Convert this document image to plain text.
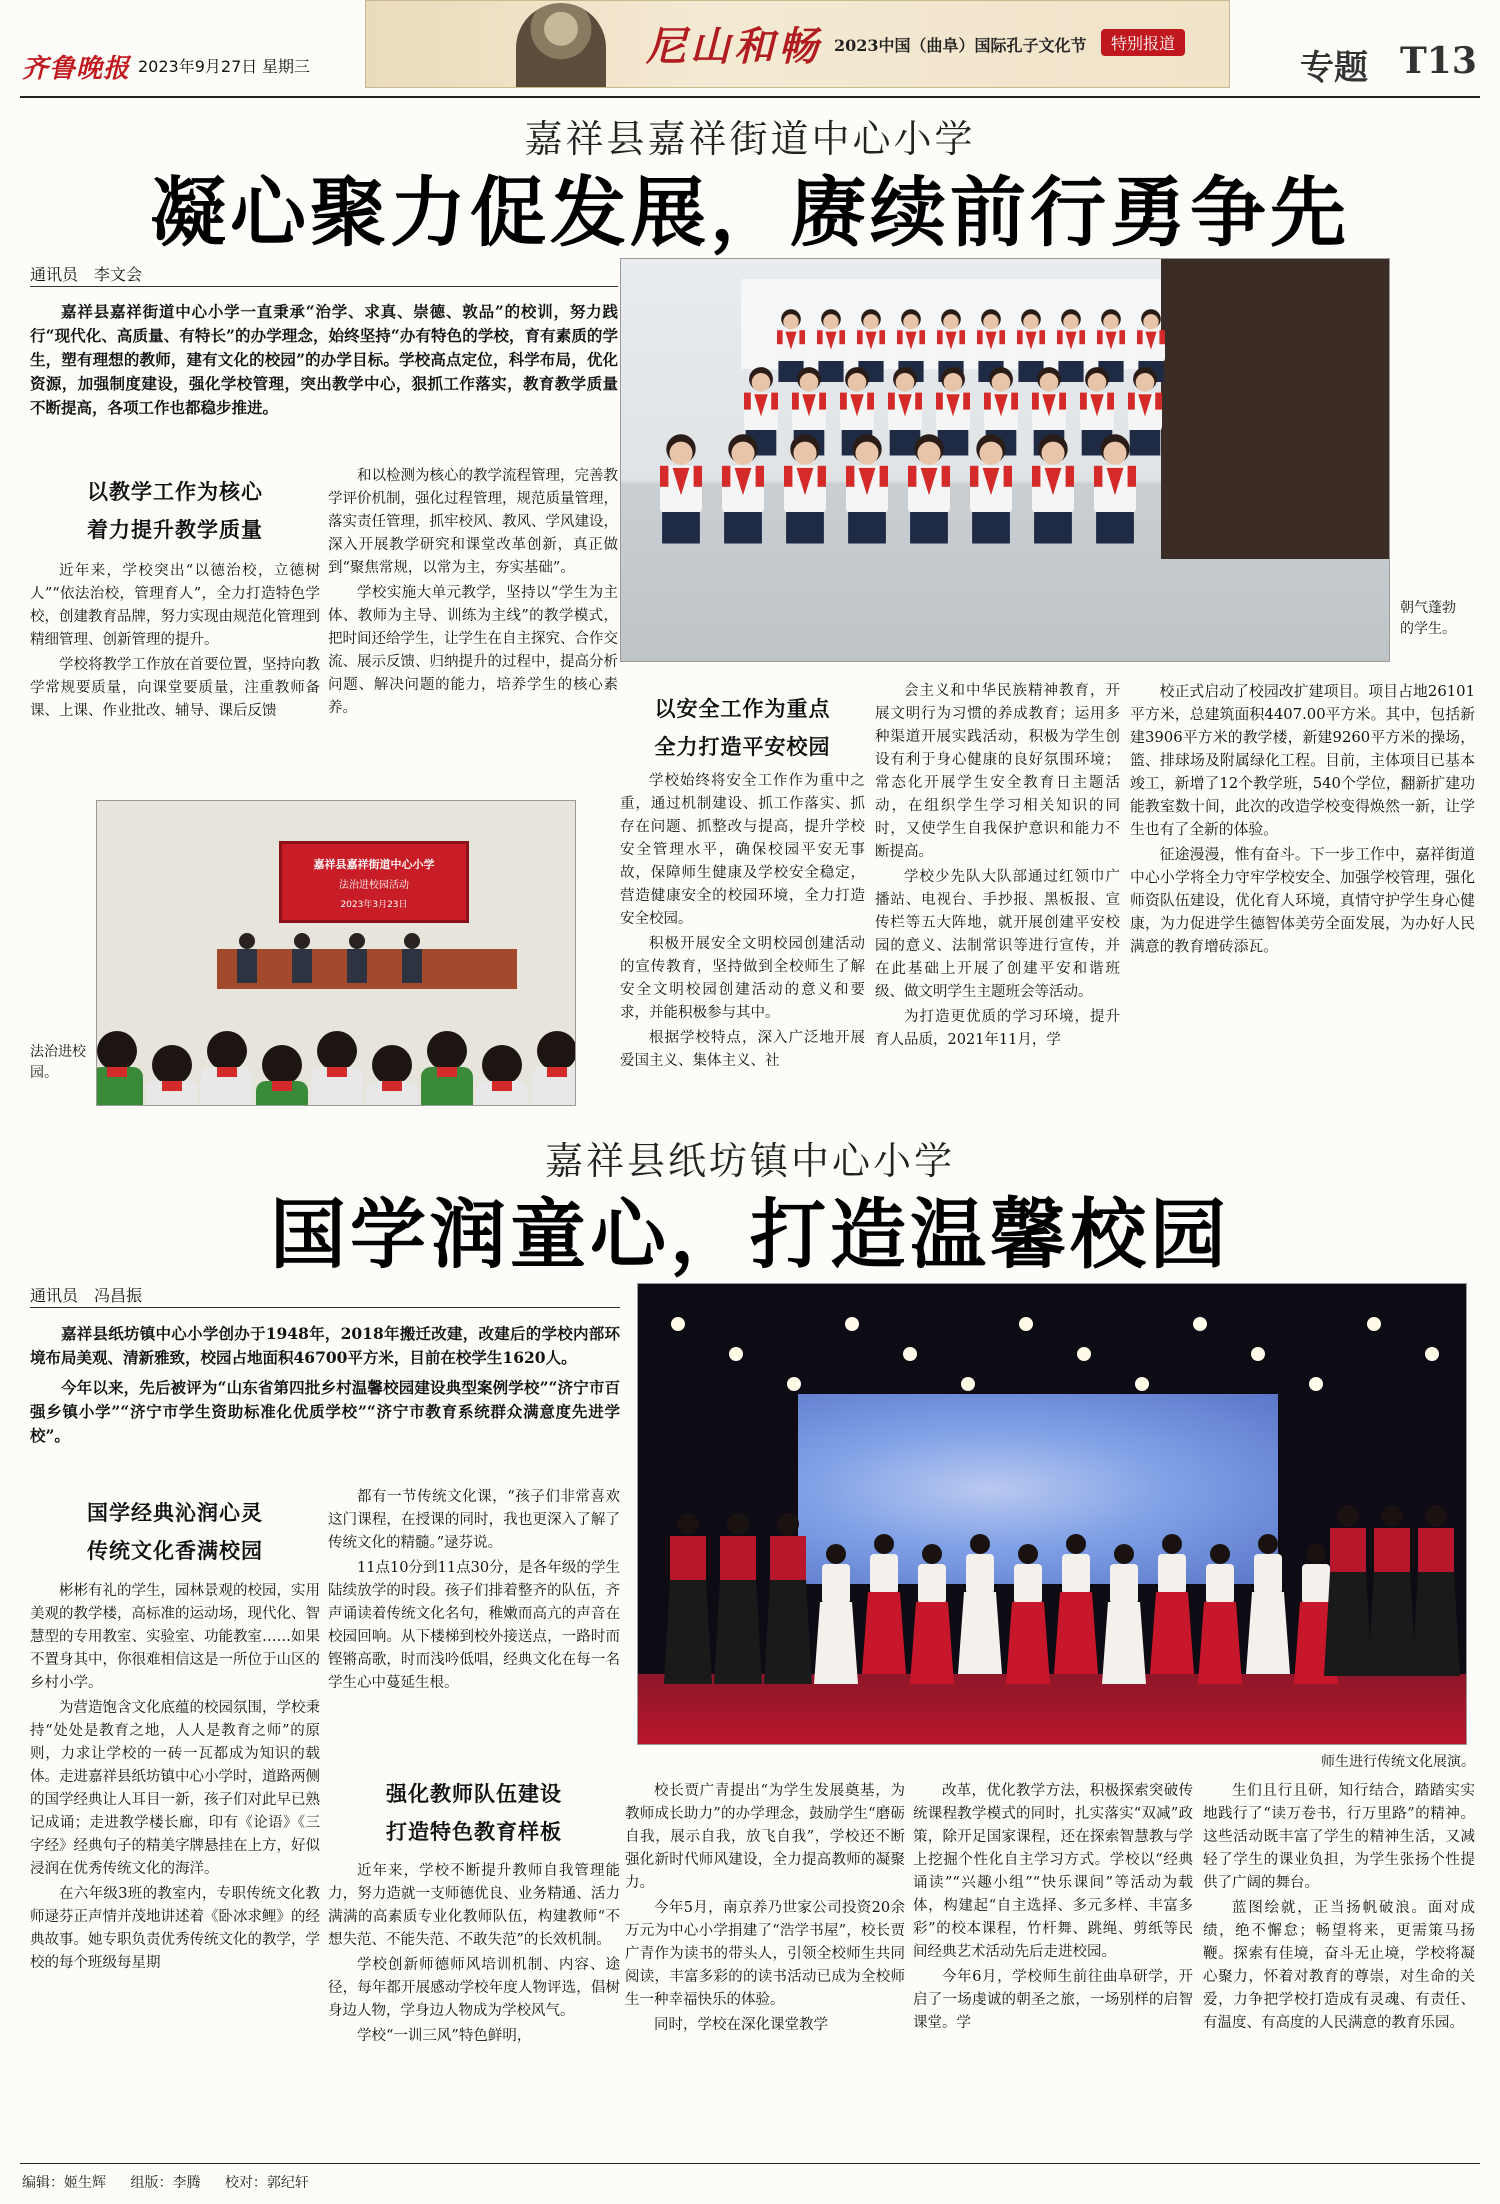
齐鲁晚报 2023年9月27日 星期三	尼山和畅 2023中国（曲阜）国际孔子文化节	特别报道
专题 T13
嘉祥县嘉祥街道中心小学
凝心聚力促发展，赓续前行勇争先
通讯员　李文会
嘉祥县嘉祥街道中心小学一直秉承“治学、求真、崇德、敦品”的校训，努力践行“现代化、高质量、有特长”的办学理念，始终坚持“办有特色的学校，育有素质的学生，塑有理想的教师，建有文化的校园”的办学目标。学校高点定位，科学布局，优化资源，加强制度建设，强化学校管理，突出教学中心，狠抓工作落实，教育教学质量不断提高，各项工作也都稳步推进。
以教学工作为核心
着力提升教学质量

近年来，学校突出“以德治校，立德树人”“依法治校，管理育人”，全力打造特色学校，创建教育品牌，努力实现由规范化管理到精细管理、创新管理的提升。

学校将教学工作放在首要位置，坚持向教学常规要质量，向课堂要质量，注重教师备课、上课、作业批改、辅导、课后反馈

和以检测为核心的教学流程管理，完善教学评价机制，强化过程管理，规范质量管理，落实责任管理，抓牢校风、教风、学风建设，深入开展教学研究和课堂改革创新，真正做到“聚焦常规，以常为主，夯实基础”。

学校实施大单元教学，坚持以“学生为主体、教师为主导、训练为主线”的教学模式，把时间还给学生，让学生在自主探究、合作交流、展示反馈、归纳提升的过程中，提高分析问题、解决问题的能力，培养学生的核心素养。

朝气蓬勃的学生。
嘉祥县嘉祥街道中心小学
法治进校园活动
2023年3月23日
法治进校园。
以安全工作为重点
全力打造平安校园

学校始终将安全工作作为重中之重，通过机制建设、抓工作落实、抓存在问题、抓整改与提高，提升学校安全管理水平，确保校园平安无事故，保障师生健康及学校安全稳定，营造健康安全的校园环境，全力打造安全校园。

积极开展安全文明校园创建活动的宣传教育，坚持做到全校师生了解安全文明校园创建活动的意义和要求，并能积极参与其中。

根据学校特点，深入广泛地开展爱国主义、集体主义、社

会主义和中华民族精神教育，开展文明行为习惯的养成教育；运用多种渠道开展实践活动，积极为学生创设有利于身心健康的良好氛围环境；常态化开展学生安全教育日主题活动，在组织学生学习相关知识的同时，又使学生自我保护意识和能力不断提高。

学校少先队大队部通过红领巾广播站、电视台、手抄报、黑板报、宣传栏等五大阵地，就开展创建平安校园的意义、法制常识等进行宣传，并在此基础上开展了创建平安和谐班级、做文明学生主题班会等活动。

为打造更优质的学习环境，提升育人品质，2021年11月，学

校正式启动了校园改扩建项目。项目占地26101平方米，总建筑面积4407.00平方米。其中，包括新建3906平方米的教学楼，新建9260平方米的操场，篮、排球场及附属绿化工程。目前，主体项目已基本竣工，新增了12个教学班，540个学位，翻新扩建功能教室数十间，此次的改造学校变得焕然一新，让学生也有了全新的体验。

征途漫漫，惟有奋斗。下一步工作中，嘉祥街道中心小学将全力守牢学校安全、加强学校管理，强化师资队伍建设，优化育人环境，真情守护学生身心健康，为力促进学生德智体美劳全面发展，为办好人民满意的教育增砖添瓦。

嘉祥县纸坊镇中心小学
国学润童心，打造温馨校园
通讯员　冯昌振

嘉祥县纸坊镇中心小学创办于1948年，2018年搬迁改建，改建后的学校内部环境布局美观、清新雅致，校园占地面积46700平方米，目前在校学生1620人。

今年以来，先后被评为“山东省第四批乡村温馨校园建设典型案例学校”“济宁市百强乡镇小学”“济宁市学生资助标准化优质学校”“济宁市教育系统群众满意度先进学校”。

国学经典沁润心灵
传统文化香满校园

彬彬有礼的学生，园林景观的校园，实用美观的教学楼，高标准的运动场，现代化、智慧型的专用教室、实验室、功能教室……如果不置身其中，你很难相信这是一所位于山区的乡村小学。

为营造饱含文化底蕴的校园氛围，学校秉持“处处是教育之地，人人是教育之师”的原则，力求让学校的一砖一瓦都成为知识的载体。走进嘉祥县纸坊镇中心小学时，道路两侧的国学经典让人耳目一新，孩子们对此早已熟记成诵；走进教学楼长廊，印有《论语》《三字经》经典句子的精美字牌悬挂在上方，好似浸润在优秀传统文化的海洋。

在六年级3班的教室内，专职传统文化教师逯芬正声情并茂地讲述着《卧冰求鲤》的经典故事。她专职负责优秀传统文化的教学，学校的每个班级每星期

都有一节传统文化课，“孩子们非常喜欢这门课程，在授课的同时，我也更深入了解了传统文化的精髓。”逯芬说。

11点10分到11点30分，是各年级的学生陆续放学的时段。孩子们排着整齐的队伍，齐声诵读着传统文化名句，稚嫩而高亢的声音在校园回响。从下楼梯到校外接送点，一路时而铿锵高歌，时而浅吟低唱，经典文化在每一名学生心中蔓延生根。

强化教师队伍建设
打造特色教育样板

近年来，学校不断提升教师自我管理能力，努力造就一支师德优良、业务精通、活力满满的高素质专业化教师队伍，构建教师“不想失范、不能失范、不敢失范”的长效机制。

学校创新师德师风培训机制、内容、途径，每年都开展感动学校年度人物评选，倡树身边人物，学身边人物成为学校风气。

学校“一训三风”特色鲜明，

师生进行传统文化展演。

校长贾广青提出“为学生发展奠基，为教师成长助力”的办学理念，鼓励学生“磨砺自我，展示自我，放飞自我”，学校还不断强化新时代师风建设，全力提高教师的凝聚力。

今年5月，南京养乃世家公司投资20余万元为中心小学捐建了“浩学书屋”，校长贾广青作为读书的带头人，引领全校师生共同阅读，丰富多彩的的读书活动已成为全校师生一种幸福快乐的体验。

同时，学校在深化课堂教学

改革，优化教学方法，积极探索突破传统课程教学模式的同时，扎实落实“双减”政策，除开足国家课程，还在探索智慧教与学上挖掘个性化自主学习方式。学校以“经典诵读”“兴趣小组”“快乐课间”等活动为载体，构建起“自主选择、多元多样、丰富多彩”的校本课程，竹杆舞、跳绳、剪纸等民间经典艺术活动先后走进校园。

今年6月，学校师生前往曲阜研学，开启了一场虔诚的朝圣之旅，一场别样的启智课堂。学

生们且行且研，知行结合，踏踏实实地践行了“读万卷书，行万里路”的精神。这些活动既丰富了学生的精神生活，又减轻了学生的课业负担，为学生张扬个性提供了广阔的舞台。

蓝图绘就，正当扬帆破浪。面对成绩，绝不懈怠；畅望将来，更需策马扬鞭。探索有佳境，奋斗无止境，学校将凝心聚力，怀着对教育的尊崇，对生命的关爱，力争把学校打造成有灵魂、有责任、有温度、有高度的人民满意的教育乐园。

编辑：姬生辉 组版：李腾 校对：郭纪轩
